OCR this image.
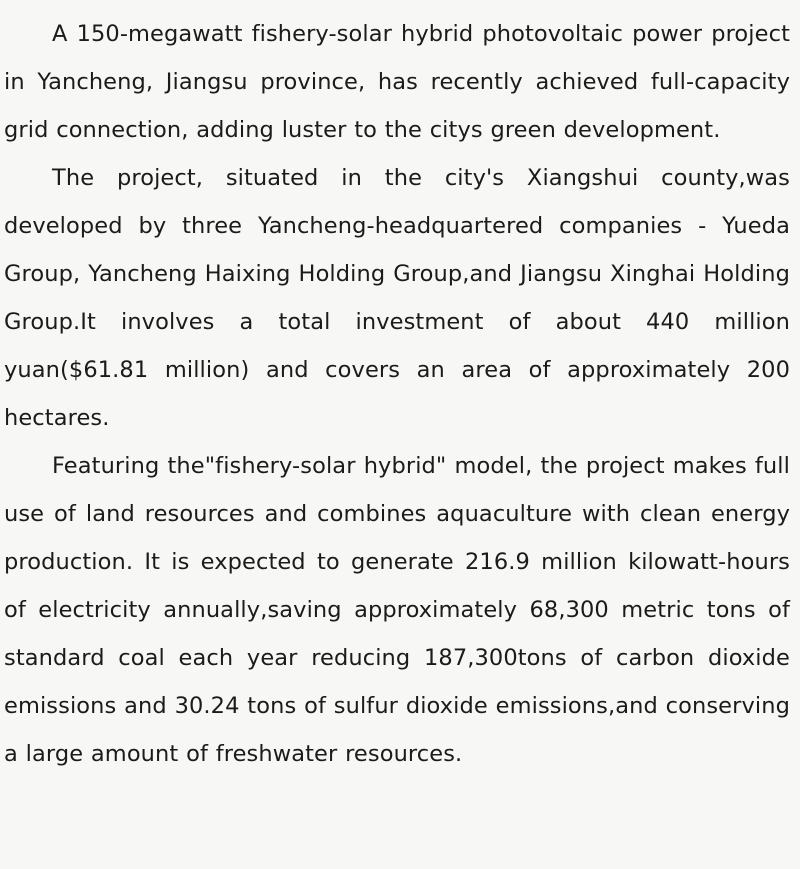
A 150-megawatt fishery-solar hybrid photovoltaic power project in Yancheng, Jiangsu province, has recently achieved full-capacity grid connection, adding luster to the citys green development.

The project, situated in the city's Xiangshui county,was developed by three Yancheng-headquartered companies - Yueda Group, Yancheng Haixing Holding Group,and Jiangsu Xinghai Holding Group.It involves a total investment of about 440 million yuan($61.81 million) and covers an area of approximately 200 hectares.

Featuring the"fishery-solar hybrid" model, the project makes full use of land resources and combines aquaculture with clean energy production. It is expected to generate 216.9 million kilowatt-hours of electricity annually,saving approximately 68,300 metric tons of standard coal each year reducing 187,300tons of carbon dioxide emissions and 30.24 tons of sulfur dioxide emissions,and conserving a large amount of freshwater resources.
